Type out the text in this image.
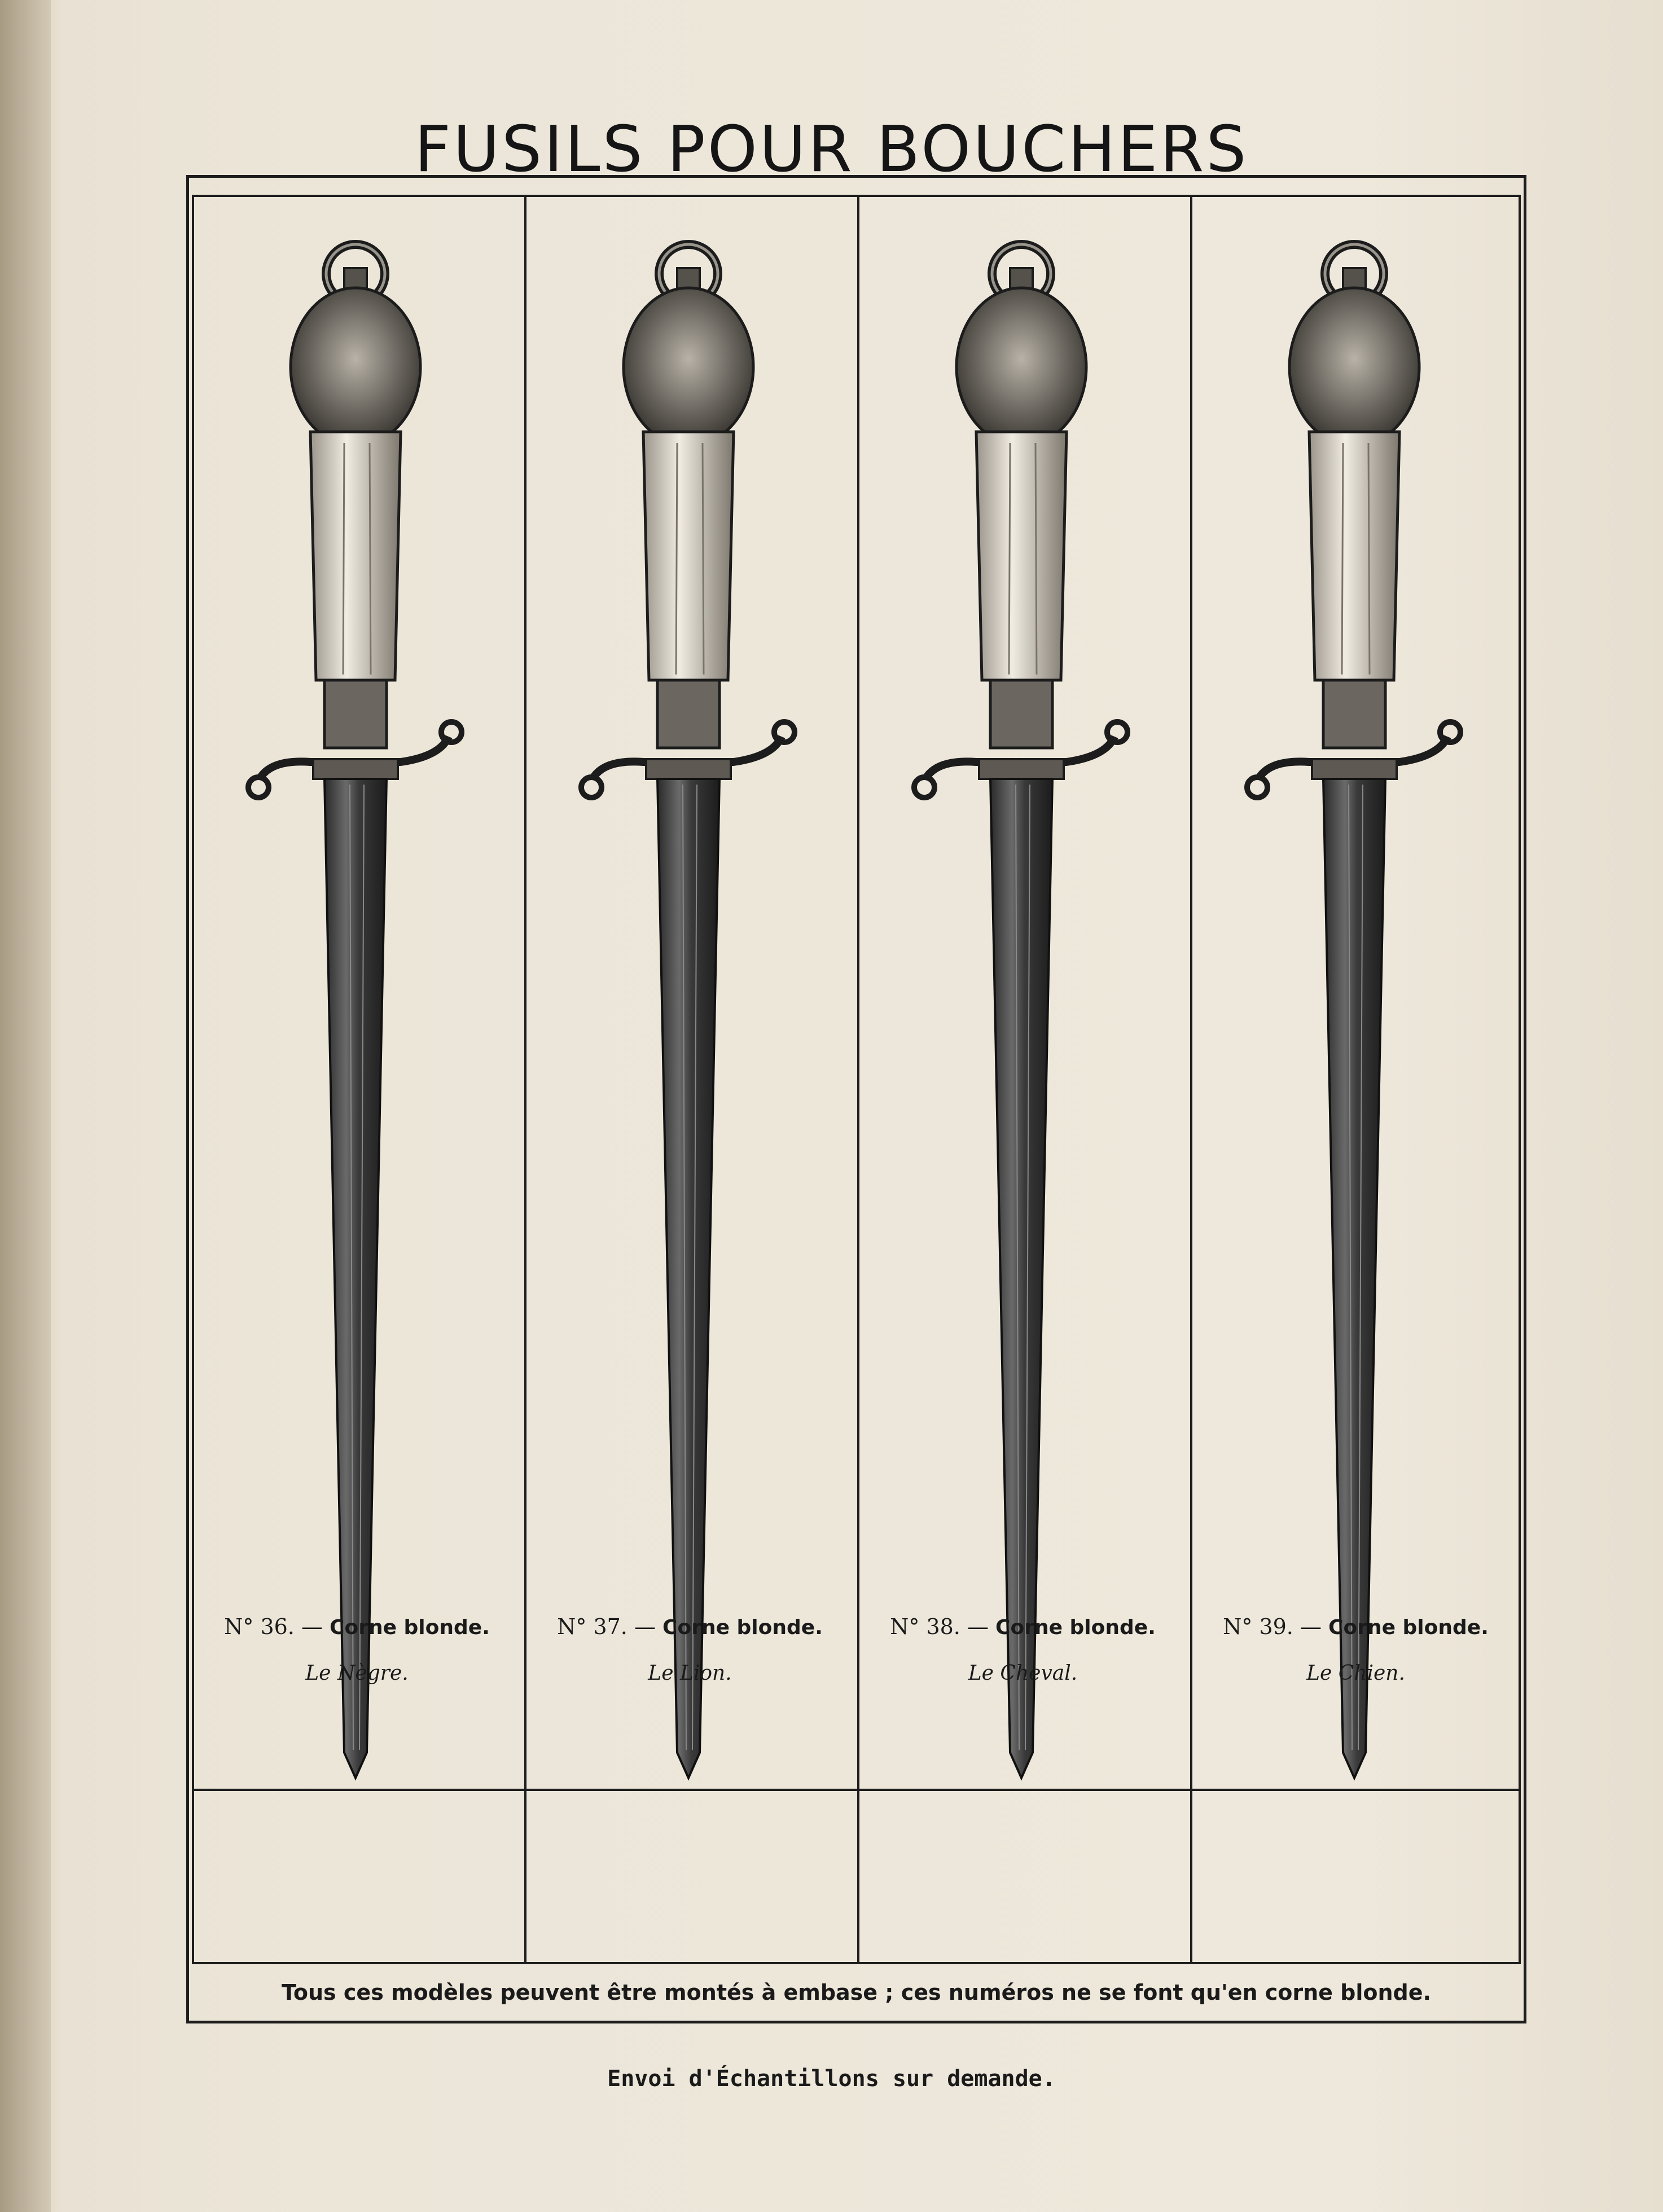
FUSILS POUR BOUCHERS
N° 36. — Corne blonde.
Le Nègre.
N° 37. — Corne blonde.
Le Lion.
N° 38. — Corne blonde.
Le Cheval.
N° 39. — Corne blonde.
Le Chien.
Tous ces modèles peuvent être montés à embase ; ces numéros ne se font qu'en corne blonde.
Envoi d'Échantillons sur demande.
